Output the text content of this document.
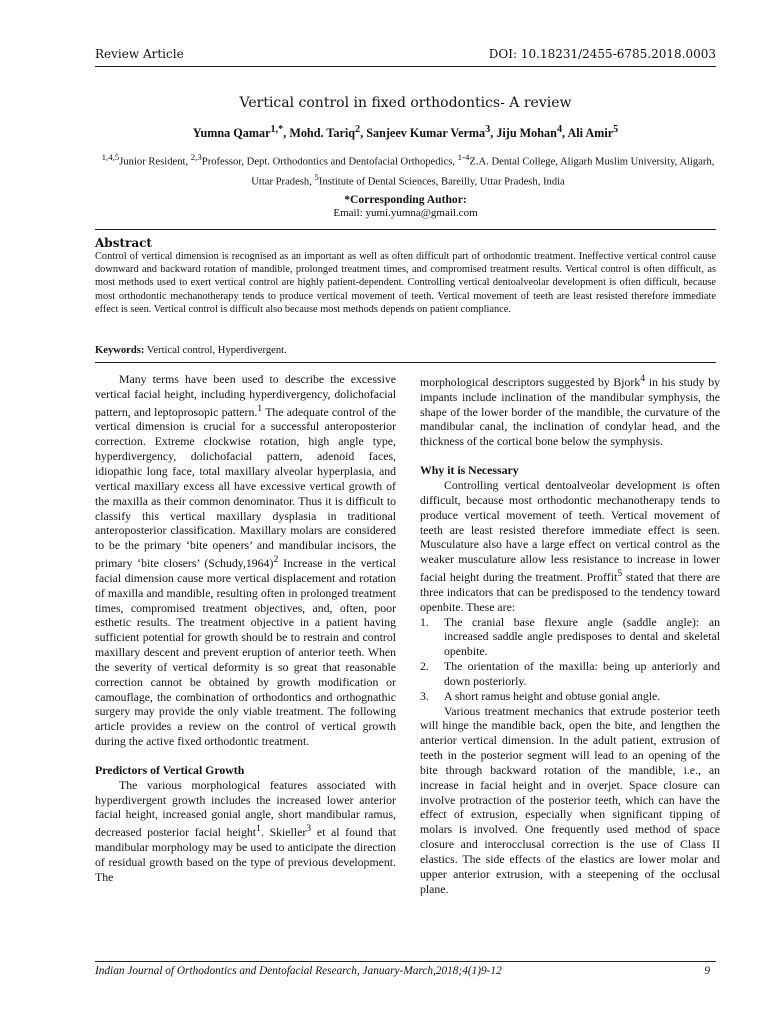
Review Article	DOI: 10.18231/2455-6785.2018.0003
Vertical control in fixed orthodontics- A review
Yumna Qamar$^{1,*}$, Mohd. Tariq$^2$, Sanjeev Kumar Verma$^3$, Jiju Mohan$^4$, Ali Amir$^5$
$^{1,4,5}$Junior Resident, $^{2,3}$Professor, Dept. Orthodontics and Dentofacial Orthopedics, $^{1-4}$Z.A. Dental College, Aligarh Muslim University, Aligarh, Uttar Pradesh, $^5$Institute of Dental Sciences, Bareilly, Uttar Pradesh, India
*Corresponding Author:
Email: yumi.yumna@gmail.com
Abstract
Control of vertical dimension is recognised as an important as well as often difficult part of orthodontic treatment. Ineffective vertical control cause downward and backward rotation of mandible, prolonged treatment times, and compromised treatment results. Vertical control is often difficult, as most methods used to exert vertical control are highly patient-dependent. Controlling vertical dentoalveolar development is often difficult, because most orthodontic mechanotherapy tends to produce vertical movement of teeth. Vertical movement of teeth are least resisted therefore immediate effect is seen. Vertical control is difficult also because most methods depends on patient compliance.
Keywords: Vertical control, Hyperdivergent.

Many terms have been used to describe the excessive vertical facial height, including hyperdivergency, dolichofacial pattern, and leptoprosopic pattern.$^1$ The adequate control of the vertical dimension is crucial for a successful anteroposterior correction. Extreme clockwise rotation, high angle type, hyperdivergency, dolichofacial pattern, adenoid faces, idiopathic long face, total maxillary alveolar hyperplasia, and vertical maxillary excess all have excessive vertical growth of the maxilla as their common denominator. Thus it is difficult to classify this vertical maxillary dysplasia in traditional anteroposterior classification. Maxillary molars are considered to be the primary ‘bite openers’ and mandibular incisors, the primary ‘bite closers’ (Schudy,1964)$^2$ Increase in the vertical facial dimension cause more vertical displacement and rotation of maxilla and mandible, resulting often in prolonged treatment times, compromised treatment objectives, and, often, poor esthetic results. The treatment objective in a patient having sufficient potential for growth should be to restrain and control maxillary descent and prevent eruption of anterior teeth. When the severity of vertical deformity is so great that reasonable correction cannot be obtained by growth modification or camouflage, the combination of orthodontics and orthognathic surgery may provide the only viable treatment. The following article provides a review on the control of vertical growth during the active fixed orthodontic treatment.

Predictors of Vertical Growth

The various morphological features associated with hyperdivergent growth includes the increased lower anterior facial height, increased gonial angle, short mandibular ramus, decreased posterior facial height$^1$. Skieller$^3$ et al found that mandibular morphology may be used to anticipate the direction of residual growth based on the type of previous development. The

morphological descriptors suggested by Bjork$^4$ in his study by impants include inclination of the mandibular symphysis, the shape of the lower border of the mandible, the curvature of the mandibular canal, the inclination of condylar head, and the thickness of the cortical bone below the symphysis.

Why it is Necessary

Controlling vertical dentoalveolar development is often difficult, because most orthodontic mechanotherapy tends to produce vertical movement of teeth. Vertical movement of teeth are least resisted therefore immediate effect is seen. Musculature also have a large effect on vertical control as the weaker musculature allow less resistance to increase in lower facial height during the treatment. Proffit$^5$ stated that there are three indicators that can be predisposed to the tendency toward openbite. These are:

1.	The cranial base flexure angle (saddle angle): an increased saddle angle predisposes to dental and skeletal openbite.
2.	The orientation of the maxilla: being up anteriorly and down posteriorly.
3.	A short ramus height and obtuse gonial angle.

Various treatment mechanics that extrude posterior teeth will hinge the mandible back, open the bite, and lengthen the anterior vertical dimension. In the adult patient, extrusion of teeth in the posterior segment will lead to an opening of the bite through backward rotation of the mandible, i.e., an increase in facial height and in overjet. Space closure can involve protraction of the posterior teeth, which can have the effect of extrusion, especially when significant tipping of molars is involved. One frequently used method of space closure and interocclusal correction is the use of Class II elastics. The side effects of the elastics are lower molar and upper anterior extrusion, with a steepening of the occlusal plane.

Indian Journal of Orthodontics and Dentofacial Research, January-March,2018;4(1)9-12	9
